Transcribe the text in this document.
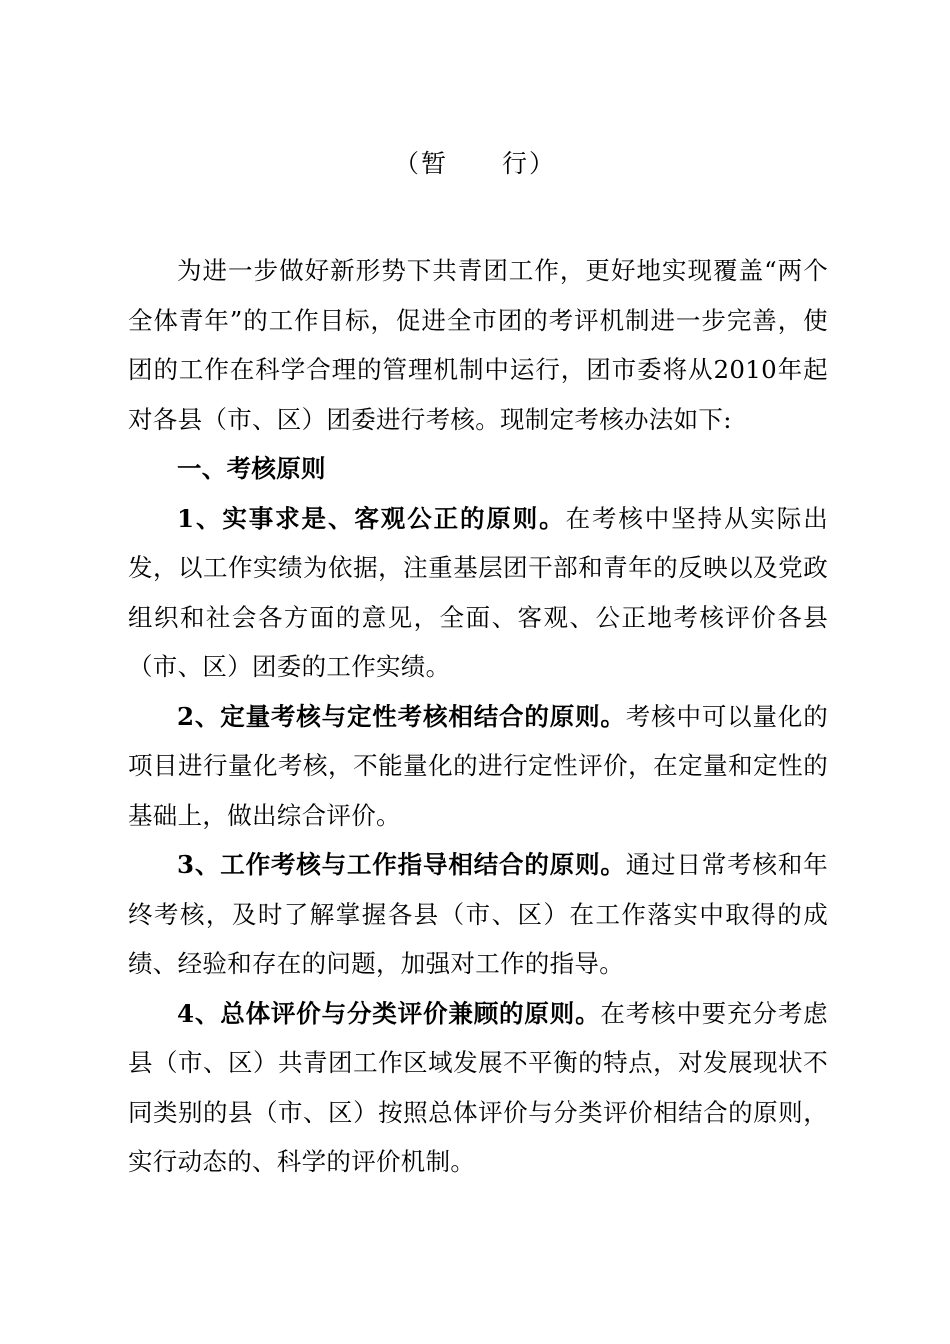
（暂　　行）

为进一步做好新形势下共青团工作，更好地实现覆盖“两个全体青年”的工作目标，促进全市团的考评机制进一步完善，使团的工作在科学合理的管理机制中运行，团市委将从2010年起对各县（市、区）团委进行考核。现制定考核办法如下:

一、考核原则

1、实事求是、客观公正的原则。在考核中坚持从实际出发，以工作实绩为依据，注重基层团干部和青年的反映以及党政组织和社会各方面的意见，全面、客观、公正地考核评价各县（市、区）团委的工作实绩。

2、定量考核与定性考核相结合的原则。考核中可以量化的项目进行量化考核，不能量化的进行定性评价，在定量和定性的基础上，做出综合评价。

3、工作考核与工作指导相结合的原则。通过日常考核和年终考核，及时了解掌握各县（市、区）在工作落实中取得的成绩、经验和存在的问题，加强对工作的指导。

4、总体评价与分类评价兼顾的原则。在考核中要充分考虑县（市、区）共青团工作区域发展不平衡的特点，对发展现状不同类别的县（市、区）按照总体评价与分类评价相结合的原则，实行动态的、科学的评价机制。
